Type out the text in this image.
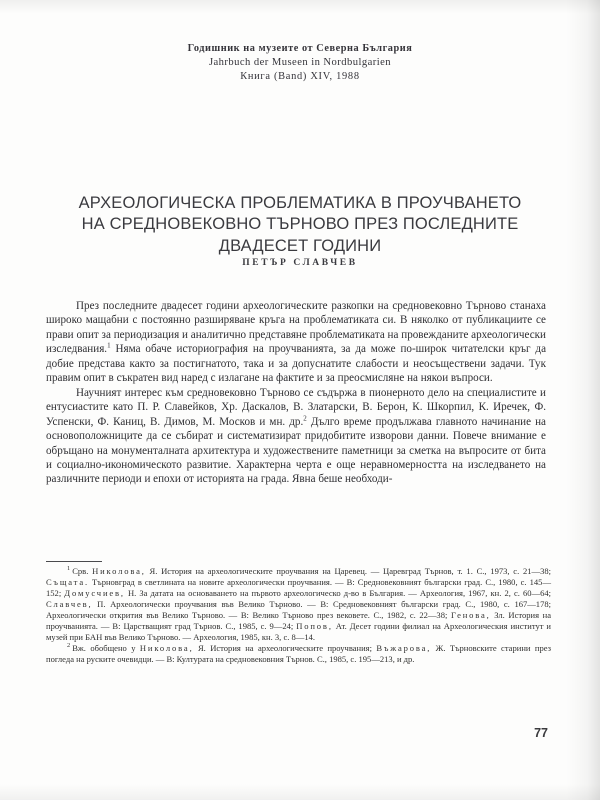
Годишник на музеите от Северна България
Jahrbuch der Museen in Nordbulgarien
Книга (Band) XIV, 1988
АРХЕОЛОГИЧЕСКА ПРОБЛЕМАТИКА В ПРОУЧВАНЕТО
НА СРЕДНОВЕКОВНО ТЪРНОВО ПРЕЗ ПОСЛЕДНИТЕ
ДВАДЕСЕТ ГОДИНИ
ПЕТЪР СЛАВЧЕВ

През последните двадесет години археологическите разкопки на средновековно Търново станаха широко мащабни с постоянно разширяване кръга на проблематиката си. В няколко от публикациите се прави опит за периодизация и аналитично представяне проблематиката на провежданите археологически изследвания.$^1$ Няма обаче историография на проучванията, за да може по-широк читателски кръг да добие представа както за постигнатото, така и за допуснатите слабости и неосъществени задачи. Тук правим опит в съкратен вид наред с излагане на фактите и за преосмисляне на някои въпроси.

Научният интерес към средновековно Търново се съдържа в пионерното дело на специалистите и ентусиастите като П. Р. Славейков, Хр. Даскалов, В. Златарски, В. Берон, К. Шкорпил, К. Иречек, Ф. Успенски, Ф. Каниц, В. Димов, М. Москов и мн. др.$^2$ Дълго време продължава главното начинание на основоположниците да се събират и систематизират придобитите изворови данни. Повече внимание е обръщано на монументалната архитектура и художествените паметници за сметка на въпросите от бита и социално-икономическото развитие. Характерна черта е още неравномерността на изследването на различните периоди и епохи от историята на града. Явна беше необходи-

$^1$ Срв. Николова, Я. История на археологическите проучвания на Царевец. — Царевград Търнов, т. 1. С., 1973, с. 21—38; Същата. Търновград в светлината на новите археологически проучвания. — В: Средновековният български град. С., 1980, с. 145—152; Домусчиев, Н. За датата на основаването на първото археологическо д-во в България. — Археология, 1967, кн. 2, с. 60—64; Славчев, П. Археологически проучвания във Велико Търново. — В: Средновековният български град. С., 1980, с. 167—178; Археологически открития във Велико Търново. — В: Велико Търново през вековете. С., 1982, с. 22—38; Генова, Зл. История на проучванията. — В: Царстващият град Търнов. С., 1985, с. 9—24; Попов, Ат. Десет години филиал на Археологическия институт и музей при БАН във Велико Търново. — Археология, 1985, кн. 3, с. 8—14.

$^2$ Вж. обобщено у Николова, Я. История на археологическите проучвания; Въжарова, Ж. Търновските старини през погледа на руските очевидци. — В: Културата на средновековния Търнов. С., 1985, с. 195—213, и др.

77
